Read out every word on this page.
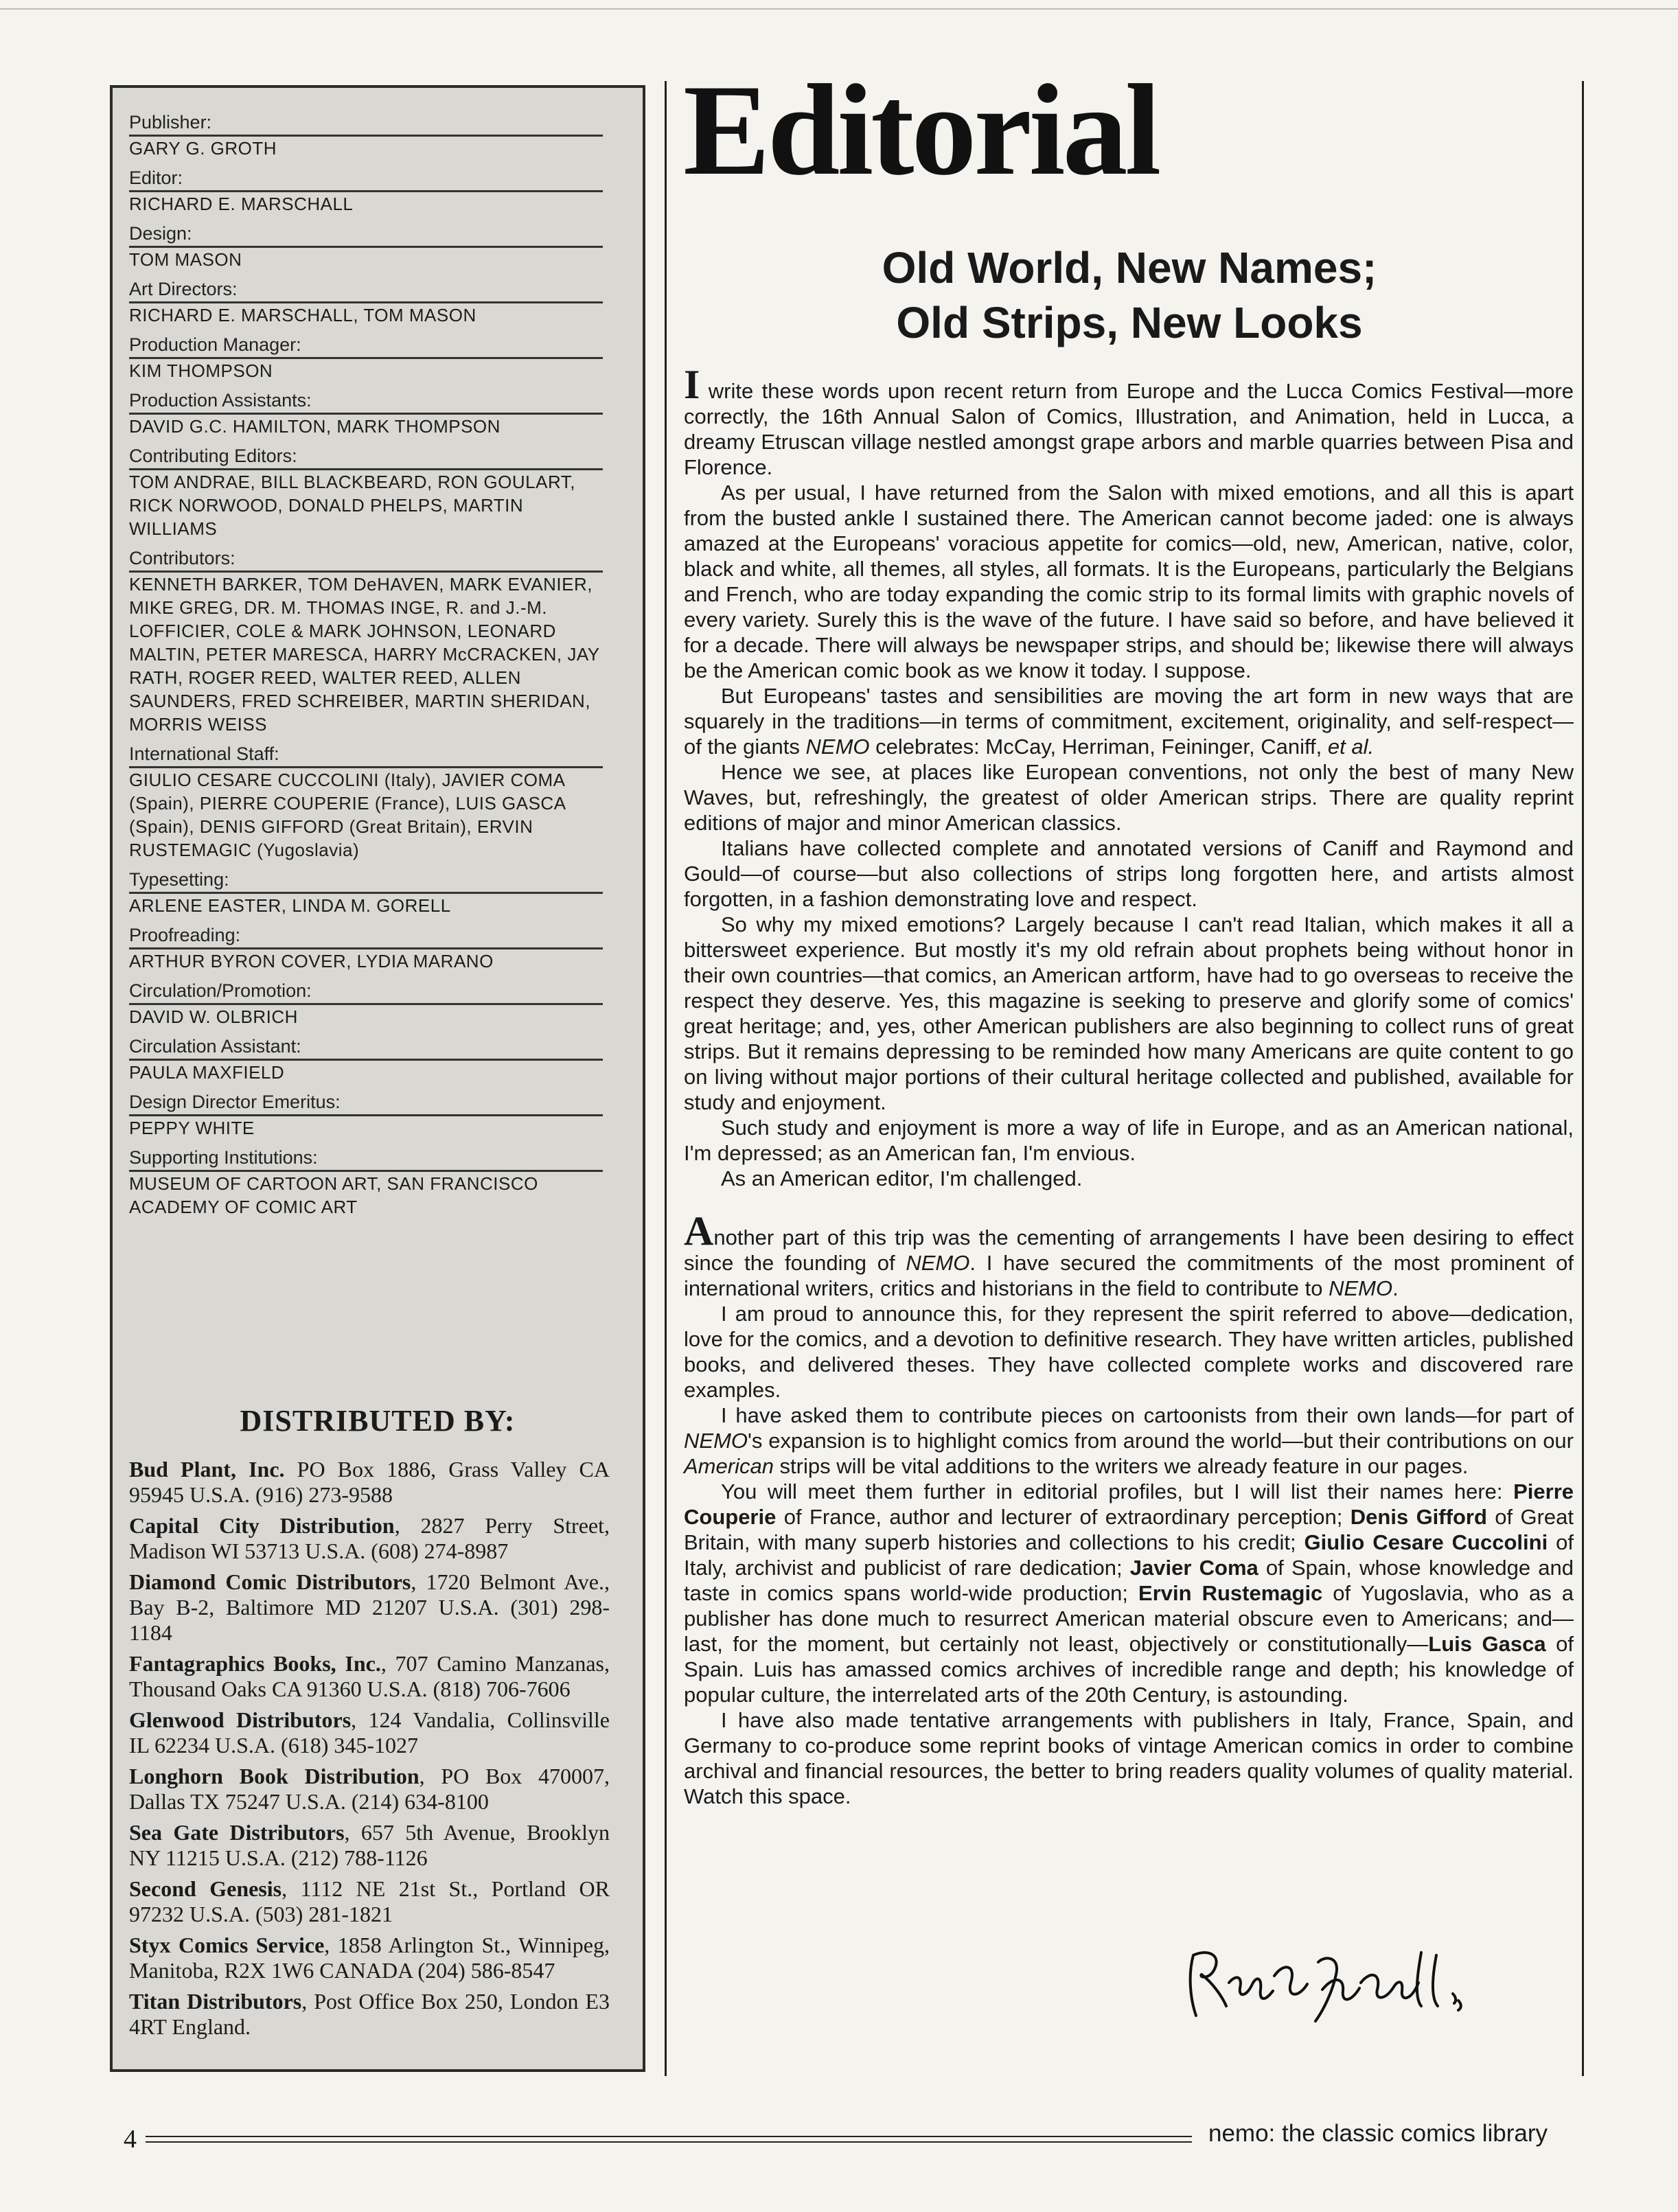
Publisher:
GARY G. GROTH
Editor:
RICHARD E. MARSCHALL
Design:
TOM MASON
Art Directors:
RICHARD E. MARSCHALL, TOM MASON
Production Manager:
KIM THOMPSON
Production Assistants:
DAVID G.C. HAMILTON, MARK THOMPSON
Contributing Editors:
TOM ANDRAE, BILL BLACKBEARD, RON GOULART, RICK NORWOOD, DONALD PHELPS, MARTIN WILLIAMS
Contributors:
KENNETH BARKER, TOM DeHAVEN, MARK EVANIER, MIKE GREG, DR. M. THOMAS INGE, R. and J.-M. LOFFICIER, COLE & MARK JOHNSON, LEONARD MALTIN, PETER MARESCA, HARRY McCRACKEN, JAY RATH, ROGER REED, WALTER REED, ALLEN SAUNDERS, FRED SCHREIBER, MARTIN SHERIDAN, MORRIS WEISS
International Staff:
GIULIO CESARE CUCCOLINI (Italy), JAVIER COMA (Spain), PIERRE COUPERIE (France), LUIS GASCA (Spain), DENIS GIFFORD (Great Britain), ERVIN RUSTEMAGIC (Yugoslavia)
Typesetting:
ARLENE EASTER, LINDA M. GORELL
Proofreading:
ARTHUR BYRON COVER, LYDIA MARANO
Circulation/Promotion:
DAVID W. OLBRICH
Circulation Assistant:
PAULA MAXFIELD
Design Director Emeritus:
PEPPY WHITE
Supporting Institutions:
MUSEUM OF CARTOON ART, SAN FRANCISCO ACADEMY OF COMIC ART
DISTRIBUTED BY:
Bud Plant, Inc. PO Box 1886, Grass Valley CA 95945 U.S.A. (916) 273-9588
Capital City Distribution, 2827 Perry Street, Madison WI 53713 U.S.A. (608) 274-8987
Diamond Comic Distributors, 1720 Belmont Ave., Bay B-2, Baltimore MD 21207 U.S.A. (301) 298-1184
Fantagraphics Books, Inc., 707 Camino Manzanas, Thousand Oaks CA 91360 U.S.A. (818) 706-7606
Glenwood Distributors, 124 Vandalia, Collinsville IL 62234 U.S.A. (618) 345-1027
Longhorn Book Distribution, PO Box 470007, Dallas TX 75247 U.S.A. (214) 634-8100
Sea Gate Distributors, 657 5th Avenue, Brooklyn NY 11215 U.S.A. (212) 788-1126
Second Genesis, 1112 NE 21st St., Portland OR 97232 U.S.A. (503) 281-1821
Styx Comics Service, 1858 Arlington St., Winnipeg, Manitoba, R2X 1W6 CANADA (204) 586-8547
Titan Distributors, Post Office Box 250, London E3 4RT England.
Editorial
Old World, New Names;
Old Strips, New Looks

I write these words upon recent return from Europe and the Lucca Comics Festival—more correctly, the 16th Annual Salon of Comics, Illustration, and Animation, held in Lucca, a dreamy Etruscan village nestled amongst grape arbors and marble quarries between Pisa and Florence.

As per usual, I have returned from the Salon with mixed emotions, and all this is apart from the busted ankle I sustained there. The American cannot become jaded: one is always amazed at the Europeans' voracious appetite for comics—old, new, American, native, color, black and white, all themes, all styles, all formats. It is the Europeans, particularly the Belgians and French, who are today expanding the comic strip to its formal limits with graphic novels of every variety. Surely this is the wave of the future. I have said so before, and have believed it for a decade. There will always be newspaper strips, and should be; likewise there will always be the American comic book as we know it today. I suppose.

But Europeans' tastes and sensibilities are moving the art form in new ways that are squarely in the traditions—in terms of commitment, excitement, originality, and self-respect—of the giants NEMO celebrates: McCay, Herriman, Feininger, Caniff, et al.

Hence we see, at places like European conventions, not only the best of many New Waves, but, refreshingly, the greatest of older American strips. There are quality reprint editions of major and minor American classics.

Italians have collected complete and annotated versions of Caniff and Raymond and Gould—of course—but also collections of strips long forgotten here, and artists almost forgotten, in a fashion demonstrating love and respect.

So why my mixed emotions? Largely because I can't read Italian, which makes it all a bittersweet experience. But mostly it's my old refrain about prophets being without honor in their own countries—that comics, an American artform, have had to go overseas to receive the respect they deserve. Yes, this magazine is seeking to preserve and glorify some of comics' great heritage; and, yes, other American publishers are also beginning to collect runs of great strips. But it remains depressing to be reminded how many Americans are quite content to go on living without major portions of their cultural heritage collected and published, available for study and enjoyment.

Such study and enjoyment is more a way of life in Europe, and as an American national, I'm depressed; as an American fan, I'm envious.

As an American editor, I'm challenged.

Another part of this trip was the cementing of arrangements I have been desiring to effect since the founding of NEMO. I have secured the commitments of the most prominent of international writers, critics and historians in the field to contribute to NEMO.

I am proud to announce this, for they represent the spirit referred to above—dedication, love for the comics, and a devotion to definitive research. They have written articles, published books, and delivered theses. They have collected complete works and discovered rare examples.

I have asked them to contribute pieces on cartoonists from their own lands—for part of NEMO's expansion is to highlight comics from around the world—but their contributions on our American strips will be vital additions to the writers we already feature in our pages.

You will meet them further in editorial profiles, but I will list their names here: Pierre Couperie of France, author and lecturer of extraordinary perception; Denis Gifford of Great Britain, with many superb histories and collections to his credit; Giulio Cesare Cuccolini of Italy, archivist and publicist of rare dedication; Javier Coma of Spain, whose knowledge and taste in comics spans world-wide production; Ervin Rustemagic of Yugoslavia, who as a publisher has done much to resurrect American material obscure even to Americans; and—last, for the moment, but certainly not least, objectively or constitutionally—Luis Gasca of Spain. Luis has amassed comics archives of incredible range and depth; his knowledge of popular culture, the interrelated arts of the 20th Century, is astounding.

I have also made tentative arrangements with publishers in Italy, France, Spain, and Germany to co-produce some reprint books of vintage American comics in order to combine archival and financial resources, the better to bring readers quality volumes of quality material. Watch this space.

4	nemo: the classic comics library
